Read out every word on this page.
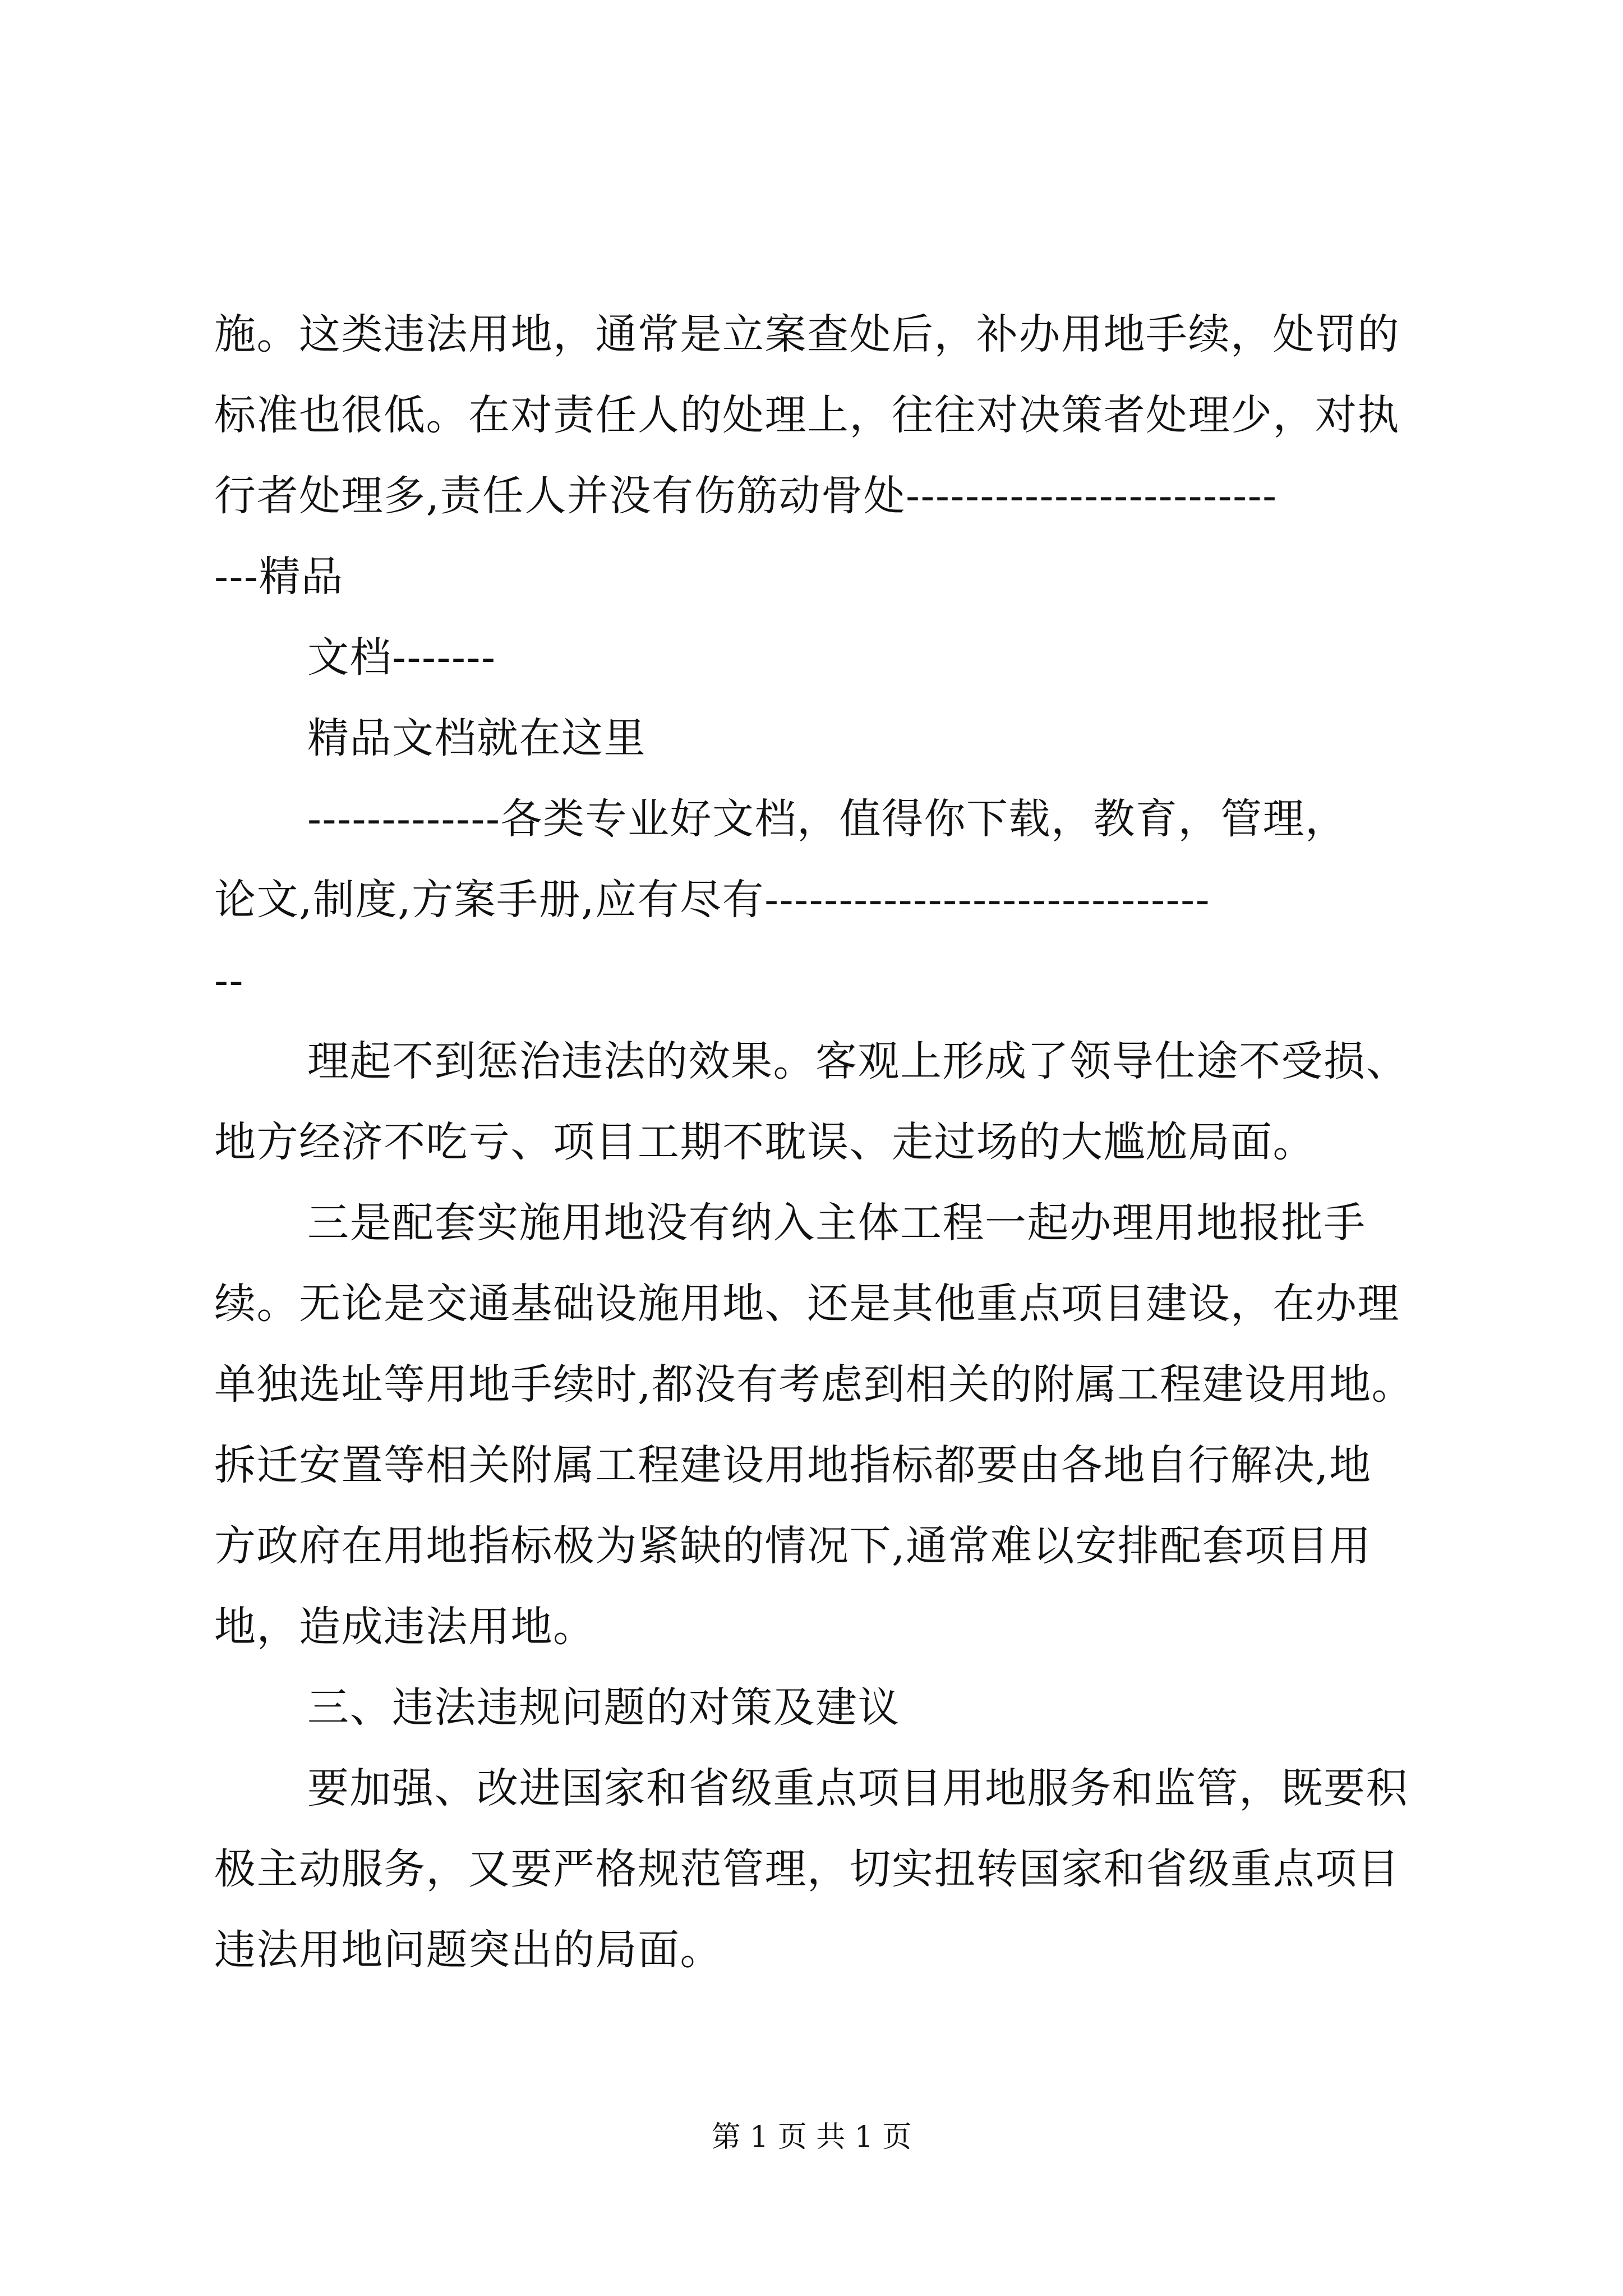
施。这类违法用地，通常是立案查处后，补办用地手续，处罚的
标准也很低。在对责任人的处理上，往往对决策者处理少，对执
行者处理多,责任人并没有伤筋动骨处-------------------------
---精品
文档-------
精品文档就在这里
-------------各类专业好文档，值得你下载，教育，管理，
论文,制度,方案手册,应有尽有------------------------------
--
理起不到惩治违法的效果。客观上形成了领导仕途不受损、
地方经济不吃亏、项目工期不耽误、走过场的大尴尬局面。
三是配套实施用地没有纳入主体工程一起办理用地报批手
续。无论是交通基础设施用地、还是其他重点项目建设，在办理
单独选址等用地手续时,都没有考虑到相关的附属工程建设用地。
拆迁安置等相关附属工程建设用地指标都要由各地自行解决,地
方政府在用地指标极为紧缺的情况下,通常难以安排配套项目用
地，造成违法用地。
三、违法违规问题的对策及建议
要加强、改进国家和省级重点项目用地服务和监管，既要积
极主动服务，又要严格规范管理，切实扭转国家和省级重点项目
违法用地问题突出的局面。
第 1 页 共 1 页
